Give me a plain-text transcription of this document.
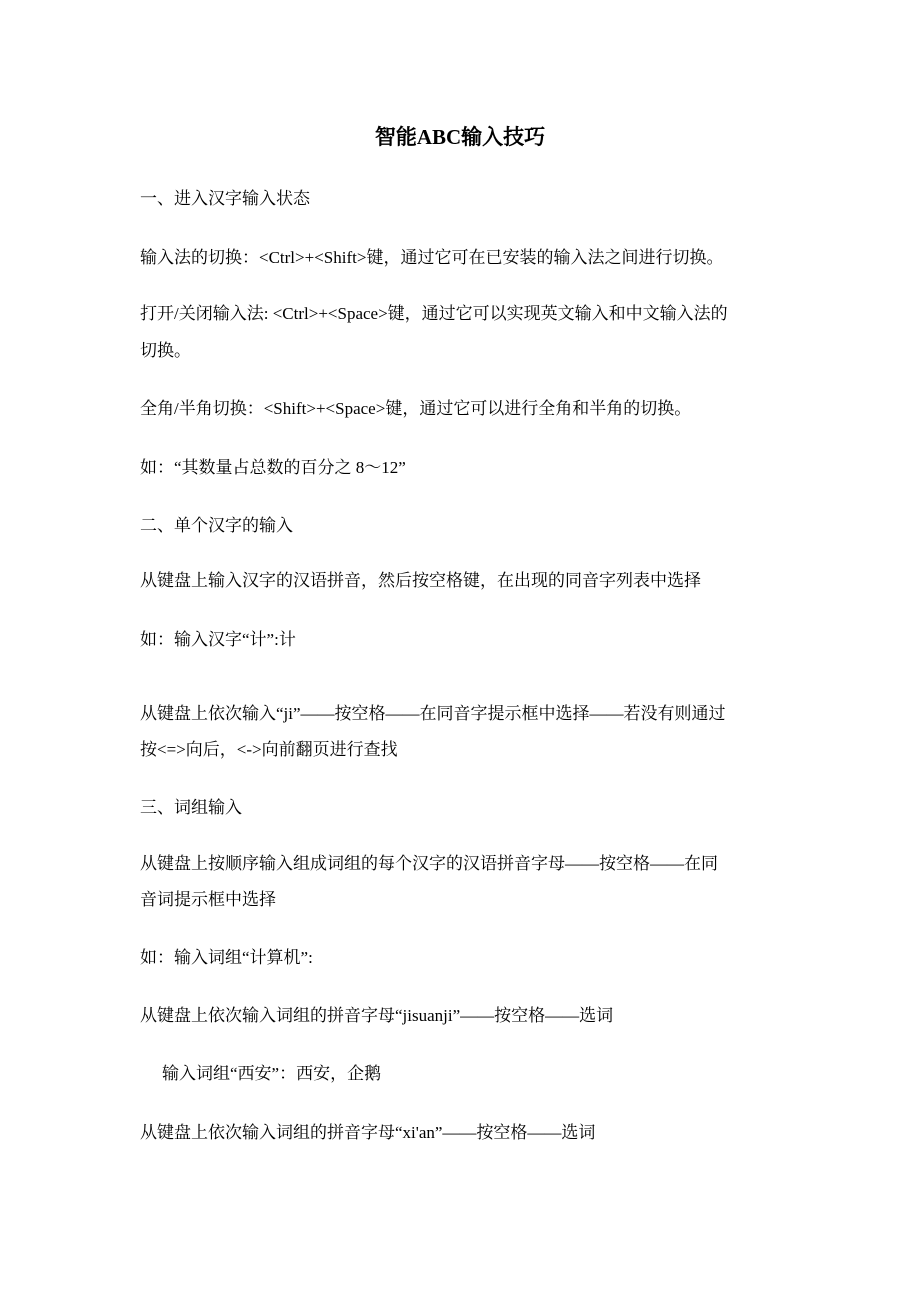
智能ABC输入技巧
一、进入汉字输入状态
输入法的切换：<Ctrl>+<Shift>键，通过它可在已安装的输入法之间进行切换。
打开/关闭输入法: <Ctrl>+<Space>键，通过它可以实现英文输入和中文输入法的
切换。
全角/半角切换：<Shift>+<Space>键，通过它可以进行全角和半角的切换。
如：“其数量占总数的百分之 8～12”
二、单个汉字的输入
从键盘上输入汉字的汉语拼音，然后按空格键，在出现的同音字列表中选择
如：输入汉字“计”:计
从键盘上依次输入“ji”——按空格——在同音字提示框中选择——若没有则通过
按<=>向后，<->向前翻页进行查找
三、词组输入
从键盘上按顺序输入组成词组的每个汉字的汉语拼音字母——按空格——在同
音词提示框中选择
如：输入词组“计算机”:
从键盘上依次输入词组的拼音字母“jisuanji”——按空格——选词
输入词组“西安”：西安，企鹅
从键盘上依次输入词组的拼音字母“xi'an”——按空格——选词
